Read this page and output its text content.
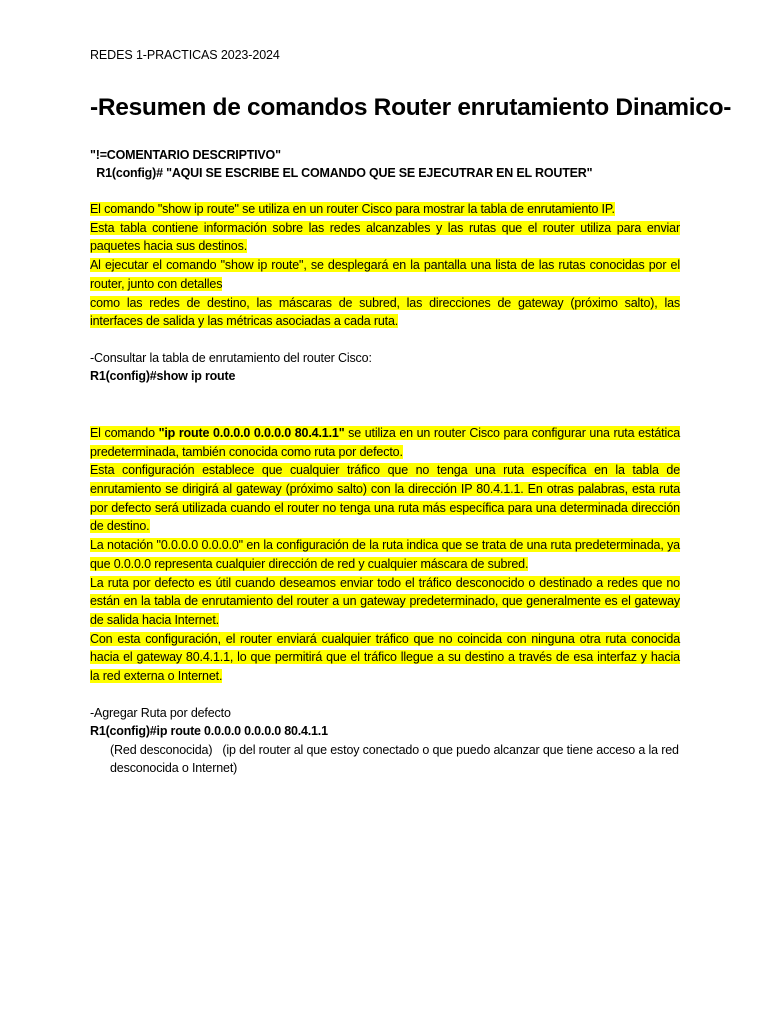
REDES 1-PRACTICAS 2023-2024

-Resumen de comandos Router enrutamiento Dinamico-

"!=COMENTARIO DESCRIPTIVO"

R1(config)# "AQUI SE ESCRIBE EL COMANDO QUE SE EJECUTRAR EN EL ROUTER"

El comando "show ip route" se utiliza en un router Cisco para mostrar la tabla de enrutamiento IP.
Esta tabla contiene información sobre las redes alcanzables y las rutas que el router utiliza para enviar paquetes hacia sus destinos.
Al ejecutar el comando "show ip route", se desplegará en la pantalla una lista de las rutas conocidas por el router, junto con detalles
como las redes de destino, las máscaras de subred, las direcciones de gateway (próximo salto), las interfaces de salida y las métricas asociadas a cada ruta.

-Consultar la tabla de enrutamiento del router Cisco:

R1(config)#show ip route

El comando "ip route 0.0.0.0 0.0.0.0 80.4.1.1" se utiliza en un router Cisco para configurar una ruta estática predeterminada, también conocida como ruta por defecto.
Esta configuración establece que cualquier tráfico que no tenga una ruta específica en la tabla de enrutamiento se dirigirá al gateway (próximo salto) con la dirección IP 80.4.1.1. En otras palabras, esta ruta por defecto será utilizada cuando el router no tenga una ruta más específica para una determinada dirección de destino.
La notación "0.0.0.0 0.0.0.0" en la configuración de la ruta indica que se trata de una ruta predeterminada, ya que 0.0.0.0 representa cualquier dirección de red y cualquier máscara de subred.
La ruta por defecto es útil cuando deseamos enviar todo el tráfico desconocido o destinado a redes que no están en la tabla de enrutamiento del router a un gateway predeterminado, que generalmente es el gateway de salida hacia Internet.
Con esta configuración, el router enviará cualquier tráfico que no coincida con ninguna otra ruta conocida hacia el gateway 80.4.1.1, lo que permitirá que el tráfico llegue a su destino a través de esa interfaz y hacia la red externa o Internet.

-Agregar Ruta por defecto

R1(config)#ip route 0.0.0.0 0.0.0.0 80.4.1.1

(Red desconocida)   (ip del router al que estoy conectado o que puedo alcanzar que tiene acceso a la red desconocida o Internet)
